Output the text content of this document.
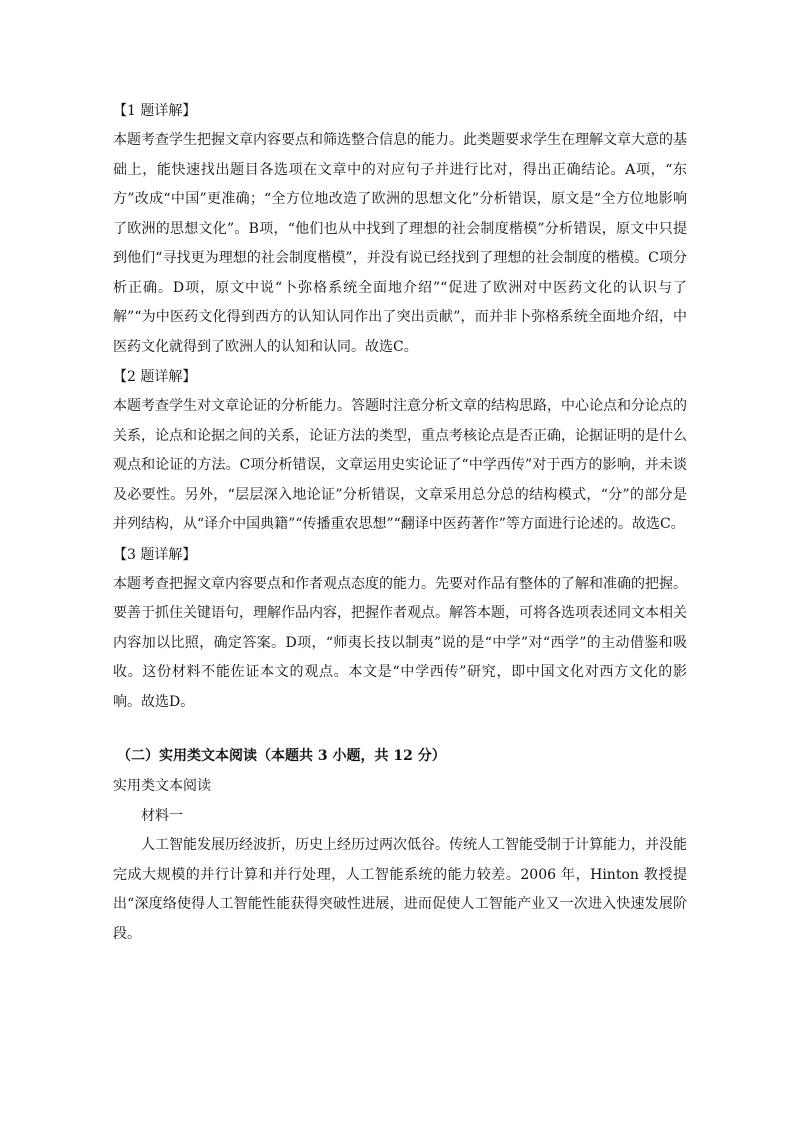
【1 题详解】

本题考查学生把握文章内容要点和筛选整合信息的能力。此类题要求学生在理解文章大意的基础上，能快速找出题目各选项在文章中的对应句子并进行比对，得出正确结论。A项，“东方”改成“中国”更准确；“全方位地改造了欧洲的思想文化”分析错误，原文是“全方位地影响了欧洲的思想文化”。B项，“他们也从中找到了理想的社会制度楷模”分析错误，原文中只提到他们“寻找更为理想的社会制度楷模”，并没有说已经找到了理想的社会制度的楷模。C项分析正确。D项，原文中说“卜弥格系统全面地介绍”“促进了欧洲对中医药文化的认识与了解”“为中医药文化得到西方的认知认同作出了突出贡献”，而并非卜弥格系统全面地介绍，中医药文化就得到了欧洲人的认知和认同。故选C。

【2 题详解】

本题考查学生对文章论证的分析能力。答题时注意分析文章的结构思路，中心论点和分论点的关系，论点和论据之间的关系，论证方法的类型，重点考核论点是否正确，论据证明的是什么观点和论证的方法。C项分析错误，文章运用史实论证了“中学西传”对于西方的影响，并未谈及必要性。另外，“层层深入地论证”分析错误，文章采用总分总的结构模式，“分”的部分是并列结构，从“译介中国典籍”“传播重农思想”“翻译中医药著作”等方面进行论述的。故选C。

【3 题详解】

本题考查把握文章内容要点和作者观点态度的能力。先要对作品有整体的了解和准确的把握。要善于抓住关键语句，理解作品内容，把握作者观点。解答本题，可将各选项表述同文本相关内容加以比照，确定答案。D项，“师夷长技以制夷”说的是“中学”对“西学”的主动借鉴和吸收。这份材料不能佐证本文的观点。本文是“中学西传”研究，即中国文化对西方文化的影响。故选D。

（二）实用类文本阅读（本题共 3 小题，共 12 分）
实用类文本阅读
材料一

人工智能发展历经波折，历史上经历过两次低谷。传统人工智能受制于计算能力，并没能完成大规模的并行计算和并行处理，人工智能系统的能力较差。2006 年，Hinton 教授提出“深度络使得人工智能性能获得突破性进展，进而促使人工智能产业又一次进入快速发展阶段。
